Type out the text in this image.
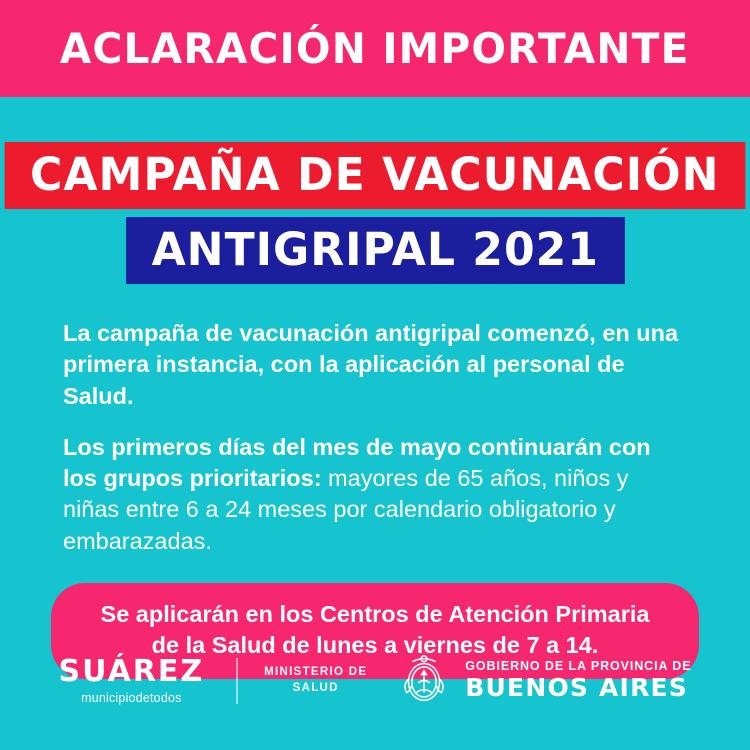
ACLARACIÓN IMPORTANTE
CAMPAÑA DE VACUNACIÓN
ANTIGRIPAL 2021

La campaña de vacunación antigripal comenzó, en una primera instancia, con la aplicación al personal de Salud.

Los primeros días del mes de mayo continuarán con los grupos prioritarios: mayores de 65 años, niños y niñas entre 6 a 24 meses por calendario obligatorio y embarazadas.

Se aplicarán en los Centros de Atención Primaria
de la Salud de lunes a viernes de 7 a 14.
SUÁREZ
municipiodetodos
MINISTERIO DE
SALUD
GOBIERNO DE LA PROVINCIA DE
BUENOS AIRES
